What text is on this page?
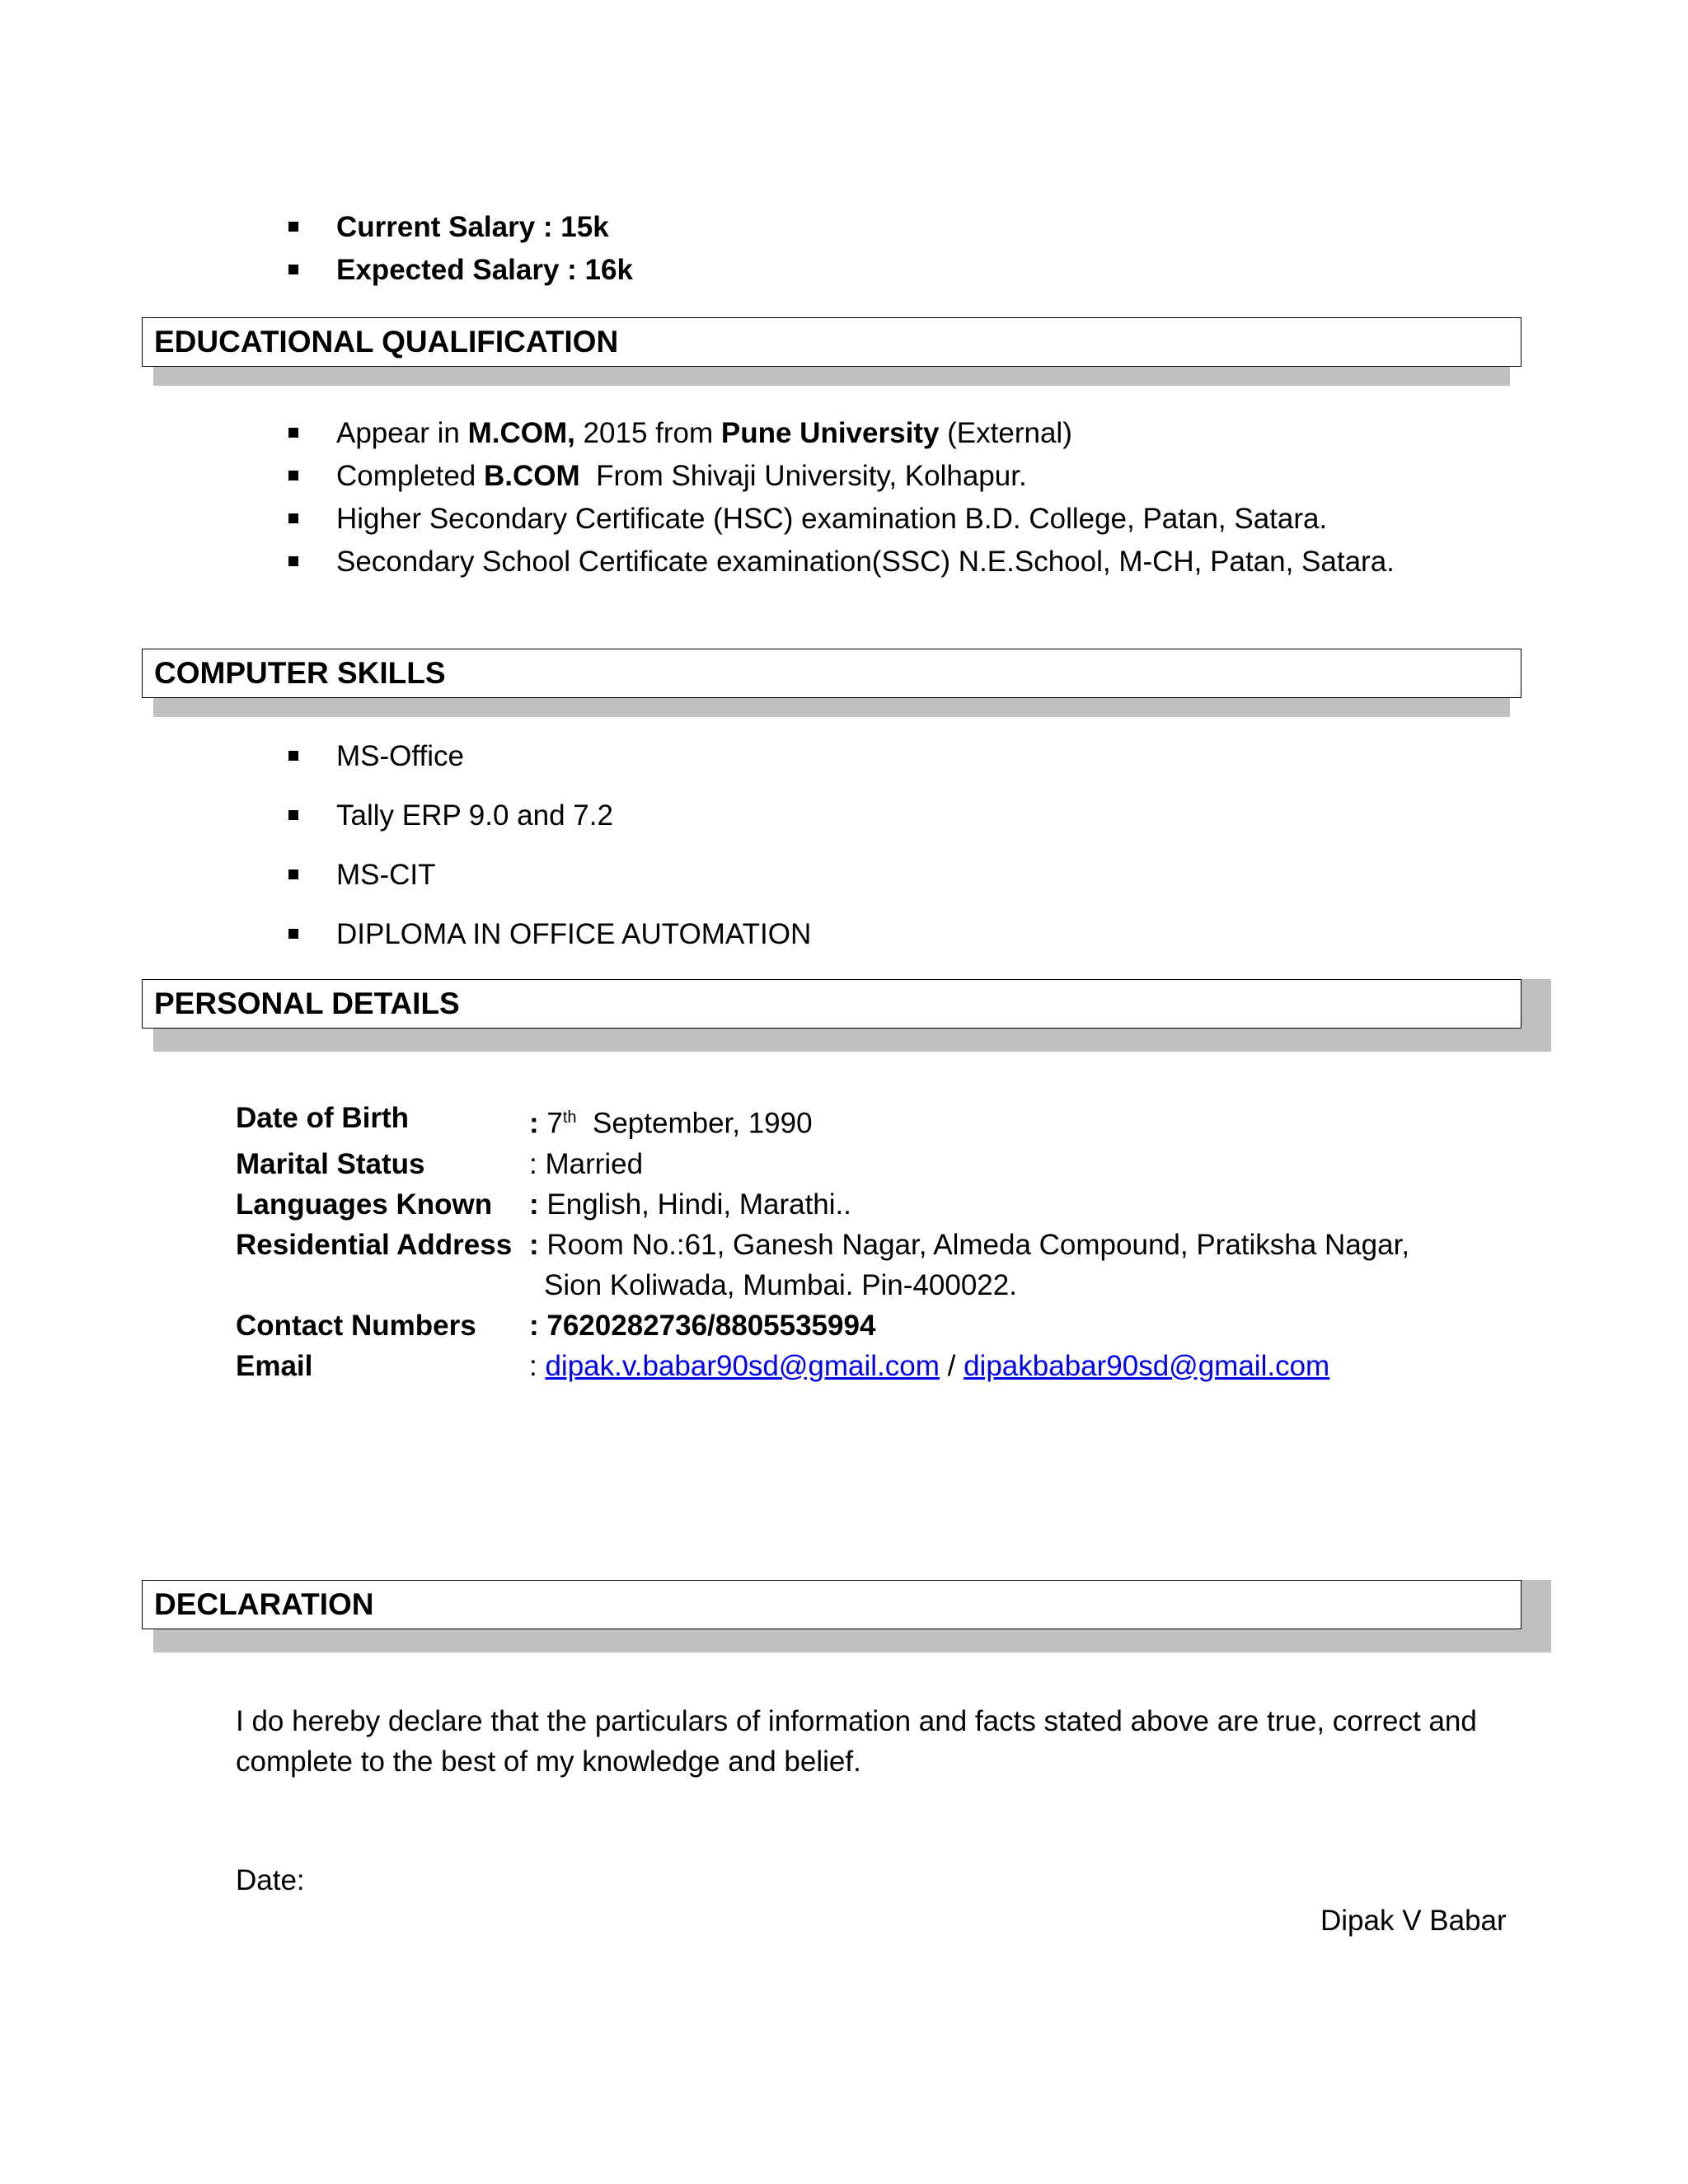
Current Salary : 15k
Expected Salary : 16k
EDUCATIONAL QUALIFICATION
Appear in M.COM, 2015 from Pune University (External)
Completed B.COM  From Shivaji University, Kolhapur.
Higher Secondary Certificate (HSC) examination B.D. College, Patan, Satara.
Secondary School Certificate examination(SSC) N.E.School, M-CH, Patan, Satara.
COMPUTER SKILLS
MS-Office
Tally ERP 9.0 and 7.2
MS-CIT
DIPLOMA IN OFFICE AUTOMATION
PERSONAL DETAILS
Date of Birth	: 7th  September, 1990
Marital Status	: Married
Languages Known	: English, Hindi, Marathi..
Residential Address : Room No.:61, Ganesh Nagar, Almeda Compound, Pratiksha Nagar,
Sion Koliwada, Mumbai. Pin-400022.
Contact Numbers	: 7620282736/8805535994
Email	: dipak.v.babar90sd@gmail.com / dipakbabar90sd@gmail.com
DECLARATION

I do hereby declare that the particulars of information and facts stated above are true, correct and complete to the best of my knowledge and belief.

Date:
Dipak V Babar
